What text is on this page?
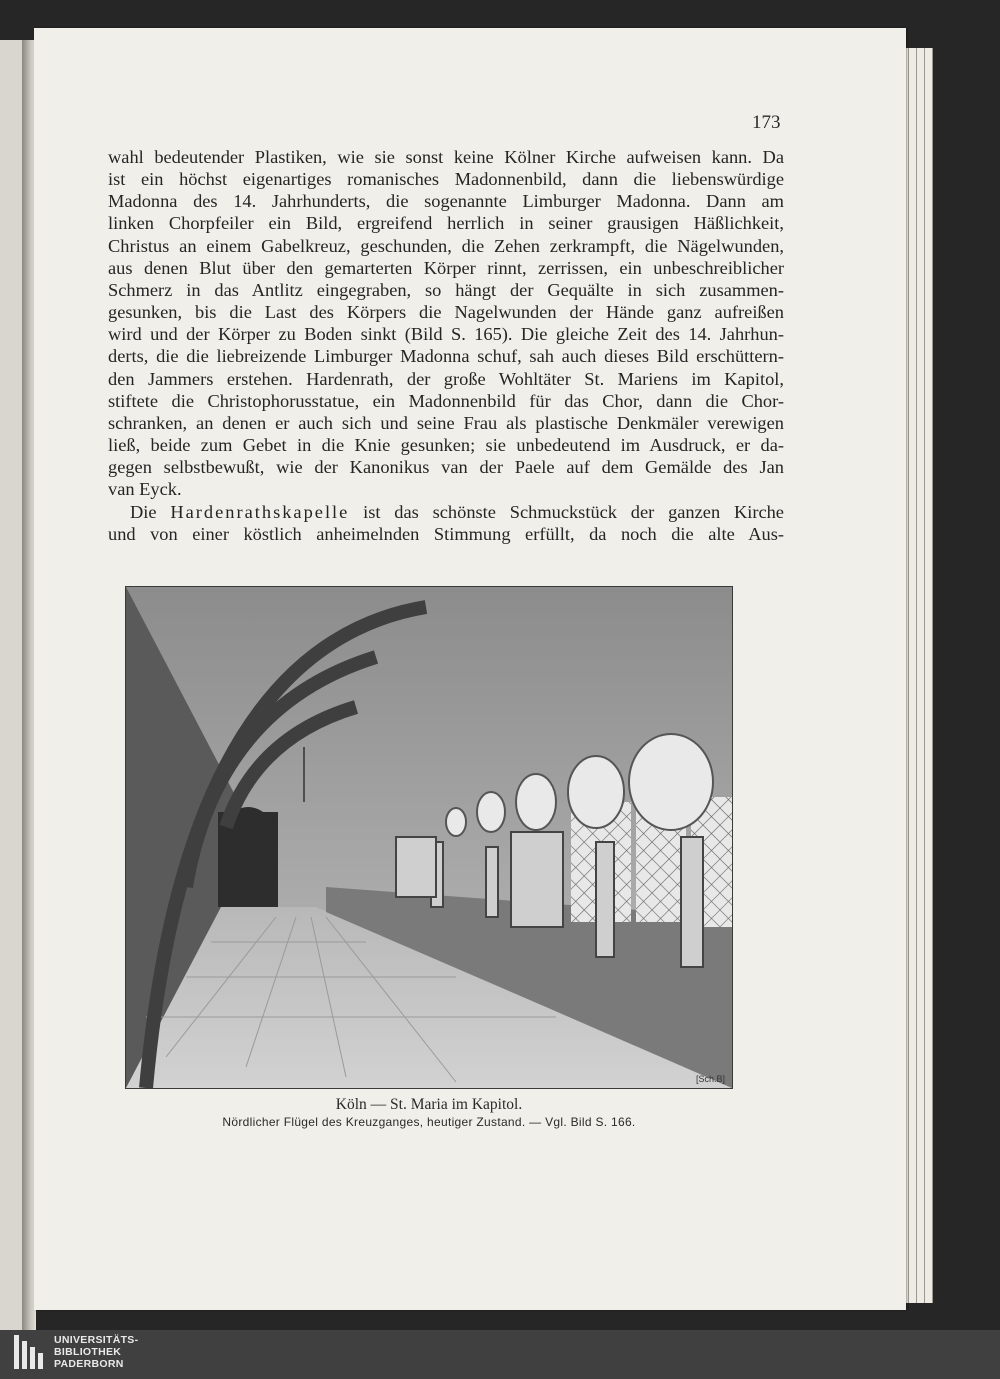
173

wahl bedeutender Plastiken, wie sie sonst keine Kölner Kirche aufweisen kann. Da

ist ein höchst eigenartiges romanisches Madonnenbild, dann die liebenswürdige

Madonna des 14. Jahrhunderts, die sogenannte Limburger Madonna. Dann am

linken Chorpfeiler ein Bild, ergreifend herrlich in seiner grausigen Häßlichkeit,

Christus an einem Gabelkreuz, geschunden, die Zehen zerkrampft, die Nägelwunden,

aus denen Blut über den gemarterten Körper rinnt, zerrissen, ein unbeschreiblicher

Schmerz in das Antlitz eingegraben, so hängt der Gequälte in sich zusammen-

gesunken, bis die Last des Körpers die Nagelwunden der Hände ganz aufreißen

wird und der Körper zu Boden sinkt (Bild S. 165). Die gleiche Zeit des 14. Jahrhun-

derts, die die liebreizende Limburger Madonna schuf, sah auch dieses Bild erschüttern-

den Jammers erstehen. Hardenrath, der große Wohltäter St. Mariens im Kapitol,

stiftete die Christophorusstatue, ein Madonnenbild für das Chor, dann die Chor-

schranken, an denen er auch sich und seine Frau als plastische Denkmäler verewigen

ließ, beide zum Gebet in die Knie gesunken; sie unbedeutend im Ausdruck, er da-

gegen selbstbewußt, wie der Kanonikus van der Paele auf dem Gemälde des Jan

van Eyck.

Die Hardenrathskapelle ist das schönste Schmuckstück der ganzen Kirche

und von einer köstlich anheimelnden Stimmung erfüllt, da noch die alte Aus-

[Sch.B]
Köln — St. Maria im Kapitol.
Nördlicher Flügel des Kreuzganges, heutiger Zustand. — Vgl. Bild S. 166.
UNIVERSITÄTS-
BIBLIOTHEK
PADERBORN
